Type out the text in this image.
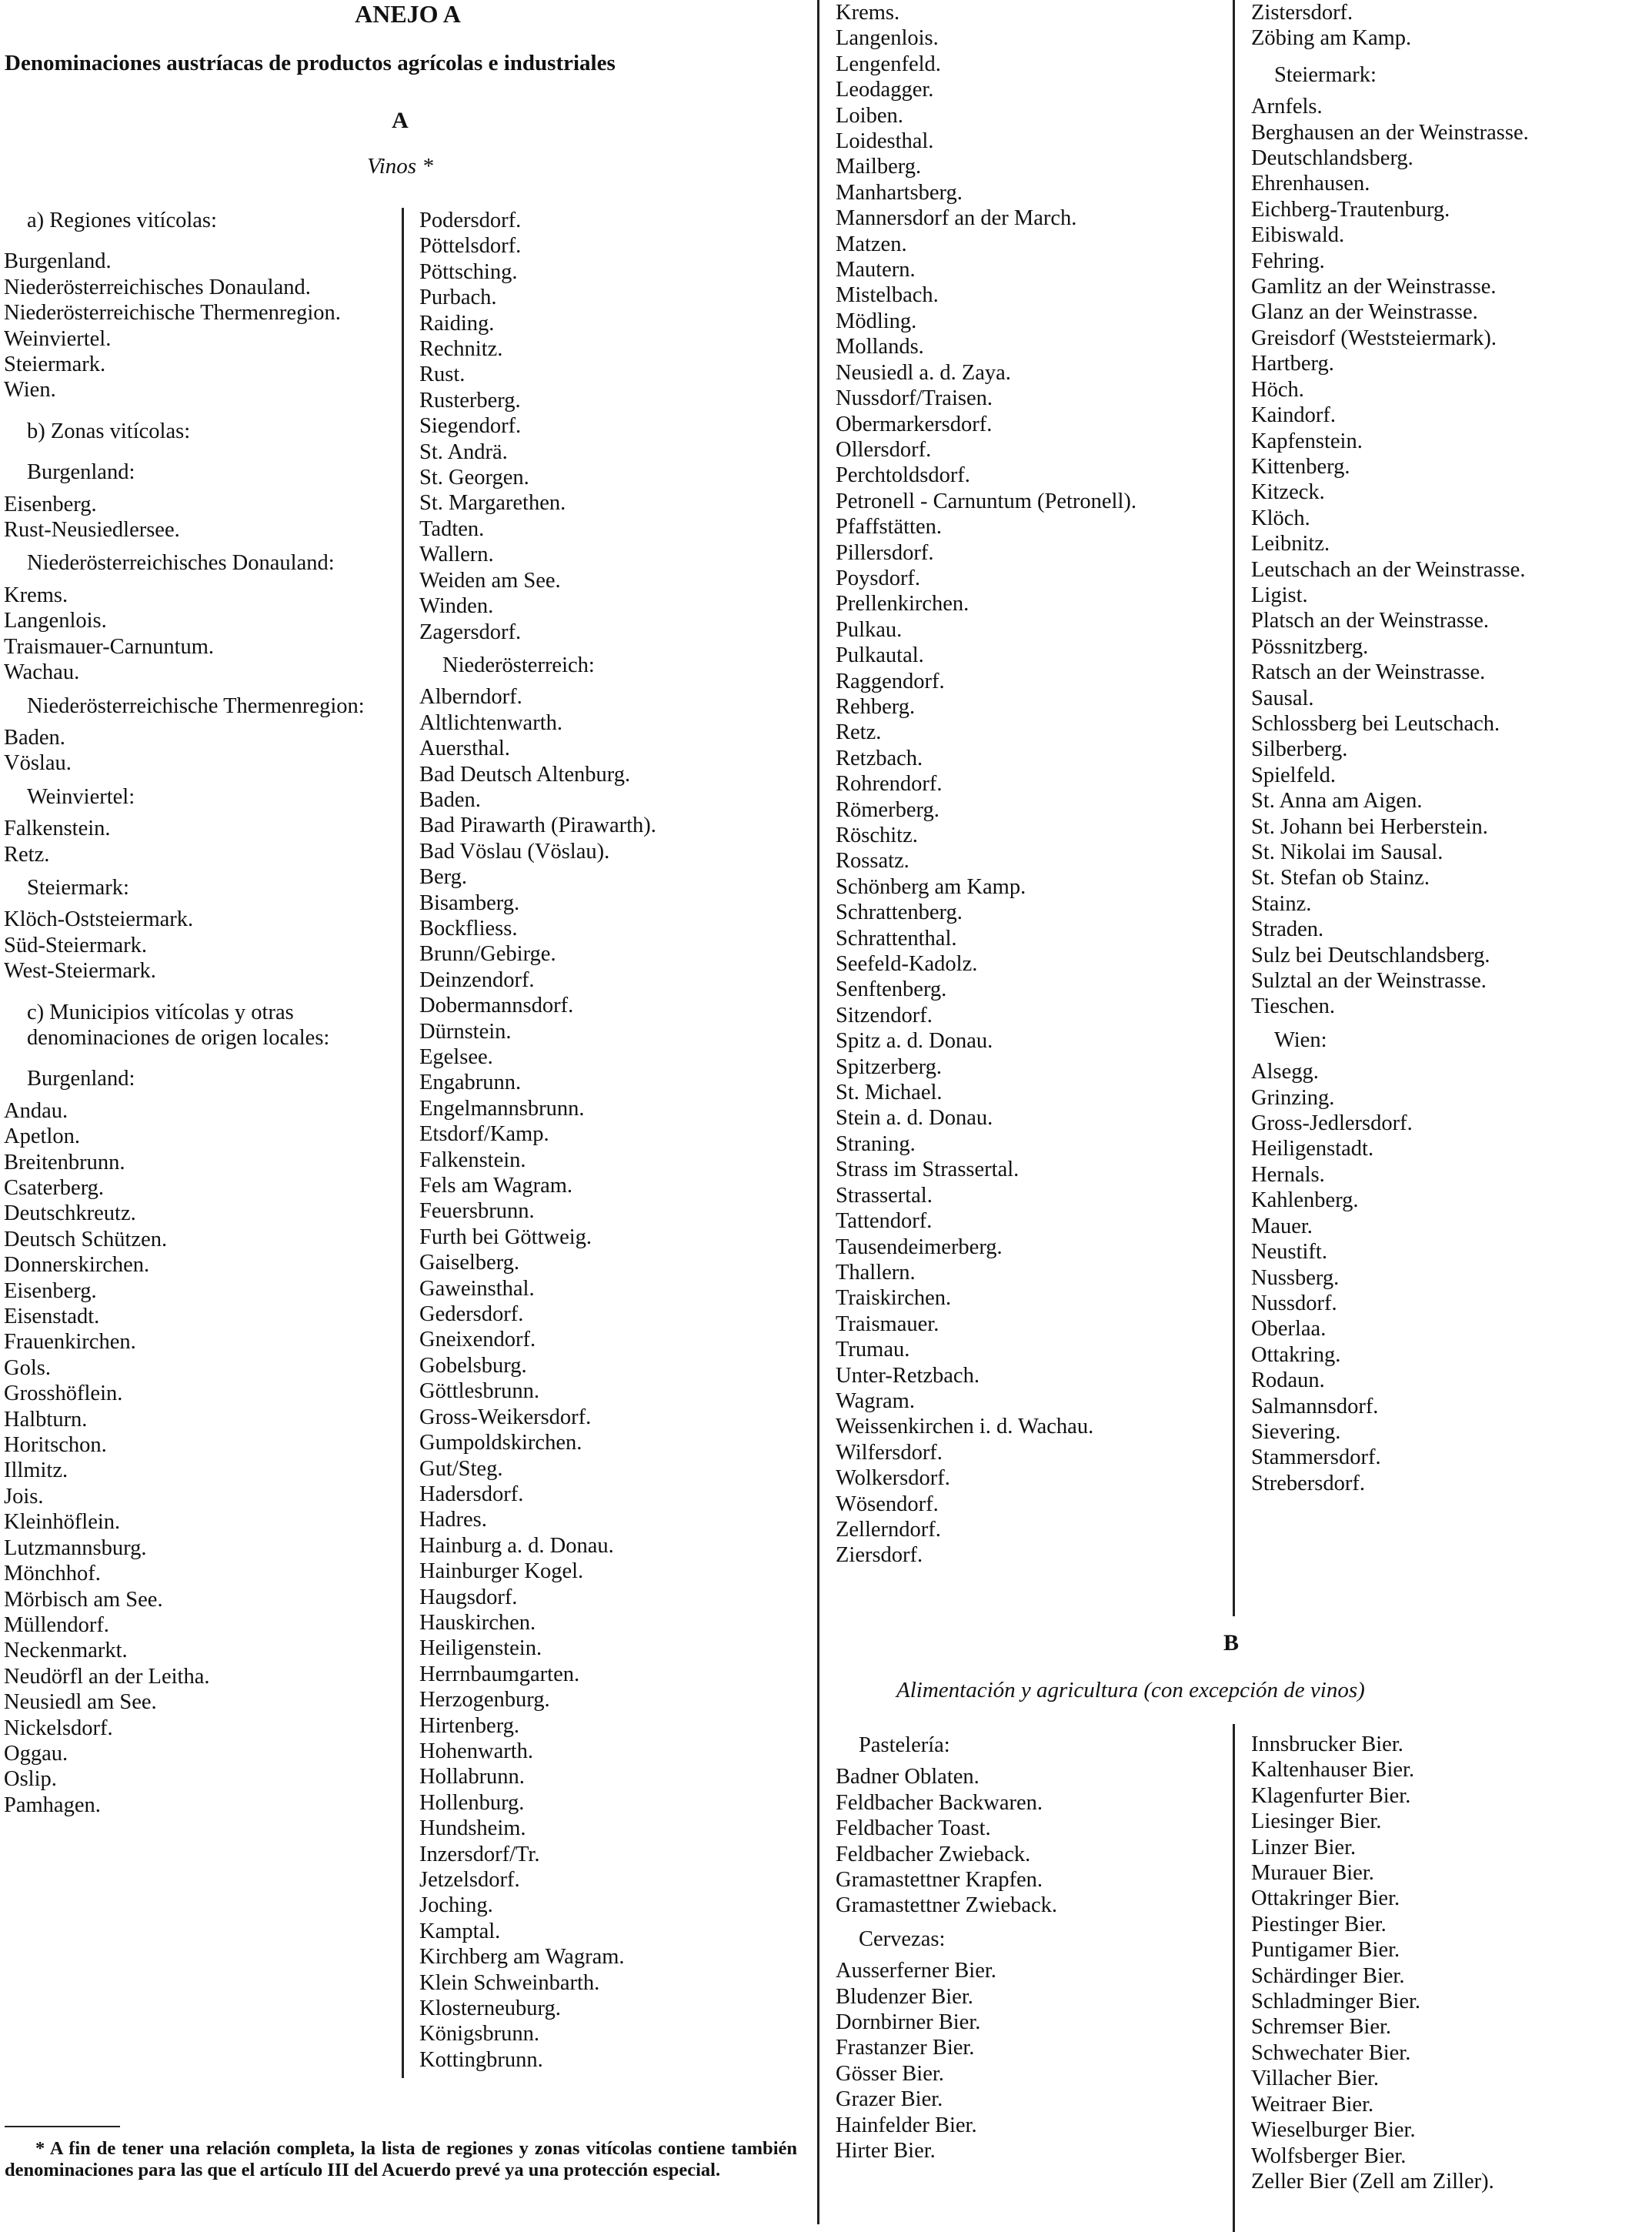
ANEJO A
Denominaciones austríacas de productos agrícolas e industriales
A
Vinos *
a) Regiones vitícolas:
Burgenland.
Niederösterreichisches Donauland.
Niederösterreichische Thermenregion.
Weinviertel.
Steiermark.
Wien.
b) Zonas vitícolas:
Burgenland:
Eisenberg.
Rust-Neusiedlersee.
Niederösterreichisches Donauland:
Krems.
Langenlois.
Traismauer-Carnuntum.
Wachau.
Niederösterreichische Thermenregion:
Baden.
Vöslau.
Weinviertel:
Falkenstein.
Retz.
Steiermark:
Klöch-Oststeiermark.
Süd-Steiermark.
West-Steiermark.
c) Municipios vitícolas y otras denominaciones de origen locales:
Burgenland:
Andau.
Apetlon.
Breitenbrunn.
Csaterberg.
Deutschkreutz.
Deutsch Schützen.
Donnerskirchen.
Eisenberg.
Eisenstadt.
Frauenkirchen.
Gols.
Grosshöflein.
Halbturn.
Horitschon.
Illmitz.
Jois.
Kleinhöflein.
Lutzmannsburg.
Mönchhof.
Mörbisch am See.
Müllendorf.
Neckenmarkt.
Neudörfl an der Leitha.
Neusiedl am See.
Nickelsdorf.
Oggau.
Oslip.
Pamhagen.
Podersdorf.
Pöttelsdorf.
Pöttsching.
Purbach.
Raiding.
Rechnitz.
Rust.
Rusterberg.
Siegendorf.
St. Andrä.
St. Georgen.
St. Margarethen.
Tadten.
Wallern.
Weiden am See.
Winden.
Zagersdorf.
Niederösterreich:
Alberndorf.
Altlichtenwarth.
Auersthal.
Bad Deutsch Altenburg.
Baden.
Bad Pirawarth (Pirawarth).
Bad Vöslau (Vöslau).
Berg.
Bisamberg.
Bockfliess.
Brunn/Gebirge.
Deinzendorf.
Dobermannsdorf.
Dürnstein.
Egelsee.
Engabrunn.
Engelmannsbrunn.
Etsdorf/Kamp.
Falkenstein.
Fels am Wagram.
Feuersbrunn.
Furth bei Göttweig.
Gaiselberg.
Gaweinsthal.
Gedersdorf.
Gneixendorf.
Gobelsburg.
Göttlesbrunn.
Gross-Weikersdorf.
Gumpoldskirchen.
Gut/Steg.
Hadersdorf.
Hadres.
Hainburg a. d. Donau.
Hainburger Kogel.
Haugsdorf.
Hauskirchen.
Heiligenstein.
Herrnbaumgarten.
Herzogenburg.
Hirtenberg.
Hohenwarth.
Hollabrunn.
Hollenburg.
Hundsheim.
Inzersdorf/Tr.
Jetzelsdorf.
Joching.
Kamptal.
Kirchberg am Wagram.
Klein Schweinbarth.
Klosterneuburg.
Königsbrunn.
Kottingbrunn.
Krems.
Langenlois.
Lengenfeld.
Leodagger.
Loiben.
Loidesthal.
Mailberg.
Manhartsberg.
Mannersdorf an der March.
Matzen.
Mautern.
Mistelbach.
Mödling.
Mollands.
Neusiedl a. d. Zaya.
Nussdorf/Traisen.
Obermarkersdorf.
Ollersdorf.
Perchtoldsdorf.
Petronell - Carnuntum (Petronell).
Pfaffstätten.
Pillersdorf.
Poysdorf.
Prellenkirchen.
Pulkau.
Pulkautal.
Raggendorf.
Rehberg.
Retz.
Retzbach.
Rohrendorf.
Römerberg.
Röschitz.
Rossatz.
Schönberg am Kamp.
Schrattenberg.
Schrattenthal.
Seefeld-Kadolz.
Senftenberg.
Sitzendorf.
Spitz a. d. Donau.
Spitzerberg.
St. Michael.
Stein a. d. Donau.
Straning.
Strass im Strassertal.
Strassertal.
Tattendorf.
Tausendeimerberg.
Thallern.
Traiskirchen.
Traismauer.
Trumau.
Unter-Retzbach.
Wagram.
Weissenkirchen i. d. Wachau.
Wilfersdorf.
Wolkersdorf.
Wösendorf.
Zellerndorf.
Ziersdorf.
Zistersdorf.
Zöbing am Kamp.
Steiermark:
Arnfels.
Berghausen an der Weinstrasse.
Deutschlandsberg.
Ehrenhausen.
Eichberg-Trautenburg.
Eibiswald.
Fehring.
Gamlitz an der Weinstrasse.
Glanz an der Weinstrasse.
Greisdorf (Weststeiermark).
Hartberg.
Höch.
Kaindorf.
Kapfenstein.
Kittenberg.
Kitzeck.
Klöch.
Leibnitz.
Leutschach an der Weinstrasse.
Ligist.
Platsch an der Weinstrasse.
Pössnitzberg.
Ratsch an der Weinstrasse.
Sausal.
Schlossberg bei Leutschach.
Silberberg.
Spielfeld.
St. Anna am Aigen.
St. Johann bei Herberstein.
St. Nikolai im Sausal.
St. Stefan ob Stainz.
Stainz.
Straden.
Sulz bei Deutschlandsberg.
Sulztal an der Weinstrasse.
Tieschen.
Wien:
Alsegg.
Grinzing.
Gross-Jedlersdorf.
Heiligenstadt.
Hernals.
Kahlenberg.
Mauer.
Neustift.
Nussberg.
Nussdorf.
Oberlaa.
Ottakring.
Rodaun.
Salmannsdorf.
Sievering.
Stammersdorf.
Strebersdorf.
B
Alimentación y agricultura (con excepción de vinos)
Pastelería:
Badner Oblaten.
Feldbacher Backwaren.
Feldbacher Toast.
Feldbacher Zwieback.
Gramastettner Krapfen.
Gramastettner Zwieback.
Cervezas:
Ausserferner Bier.
Bludenzer Bier.
Dornbirner Bier.
Frastanzer Bier.
Gösser Bier.
Grazer Bier.
Hainfelder Bier.
Hirter Bier.
Innsbrucker Bier.
Kaltenhauser Bier.
Klagenfurter Bier.
Liesinger Bier.
Linzer Bier.
Murauer Bier.
Ottakringer Bier.
Piestinger Bier.
Puntigamer Bier.
Schärdinger Bier.
Schladminger Bier.
Schremser Bier.
Schwechater Bier.
Villacher Bier.
Weitraer Bier.
Wieselburger Bier.
Wolfsberger Bier.
Zeller Bier (Zell am Ziller).
* A fin de tener una relación completa, la lista de regiones y zonas vitícolas contiene también denominaciones para las que el artículo III del Acuerdo prevé ya una protección especial.
